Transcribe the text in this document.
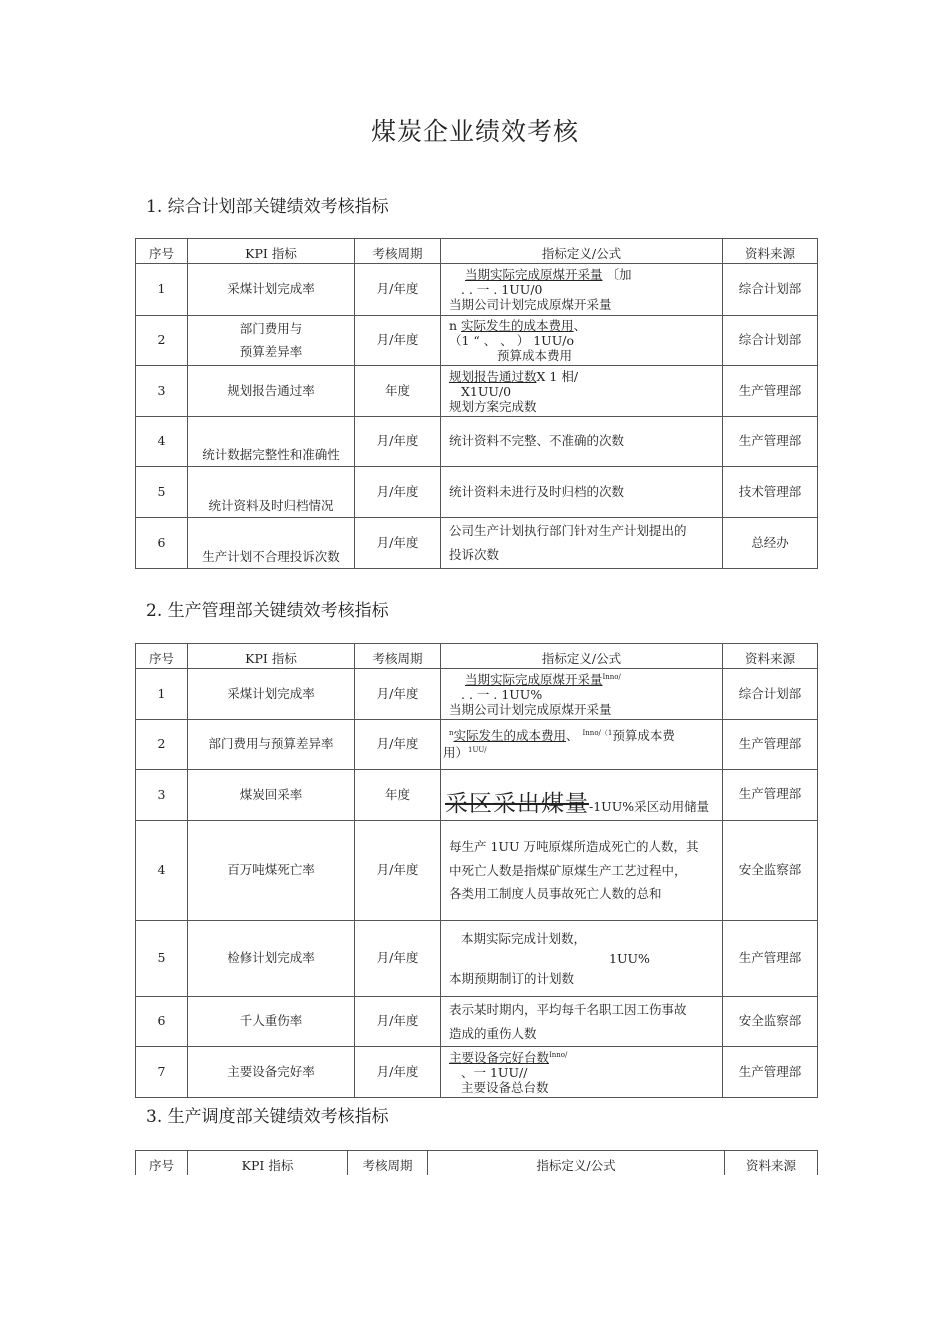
煤炭企业绩效考核
1. 综合计划部关键绩效考核指标
序号	KPI 指标	考核周期	指标定义/公式	资料来源
1	采煤计划完成率	月/年度	当期实际完成原煤开采量 〔加
. . 一 . 1UU/0
当期公司计划完成原煤开采量	综合计划部
2	部门费用与
预算差异率	月/年度	n 实际发生的成本费用、
（1 “ 、 、 ） 1UU/o
预算成本费用	综合计划部
3	规划报告通过率	年度	规划报告通过数X 1 相/
X1UU/0
规划方案完成数	生产管理部
4	统计数据完整性和准确性	月/年度	统计资料不完整、不准确的次数	生产管理部
5	统计资料及时归档情况	月/年度	统计资料未进行及时归档的次数	技术管理部
6	生产计划不合理投诉次数	月/年度	公司生产计划执行部门针对生产计划提出的
投诉次数	总经办
2. 生产管理部关键绩效考核指标
序号	KPI 指标	考核周期	指标定义/公式	资料来源
1	采煤计划完成率	月/年度	当期实际完成原煤开采量$^{Inno/}$
. . 一 . 1UU%
当期公司计划完成原煤开采量	综合计划部
2	部门费用与预算差异率	月/年度	$^n$实际发生的成本费用、 $^{Inno/(1}$预算成本费
用）$^{1UU/}$	生产管理部
3	煤炭回采率	年度	采区采出煤量-1UU%采区动用储量	生产管理部
4	百万吨煤死亡率	月/年度	每生产 1UU 万吨原煤所造成死亡的人数，其
中死亡人数是指煤矿原煤生产工艺过程中，
各类用工制度人员事故死亡人数的总和	安全监察部
5	检修计划完成率	月/年度	本期实际完成计划数，
1UU%
本期预期制订的计划数	生产管理部
6	千人重伤率	月/年度	表示某时期内，平均每千名职工因工伤事故
造成的重伤人数	安全监察部
7	主要设备完好率	月/年度	主要设备完好台数$^{Inno/}$
、一 1UU//
主要设备总台数	生产管理部
3. 生产调度部关键绩效考核指标
序号	KPI 指标	考核周期	指标定义/公式	资料来源
